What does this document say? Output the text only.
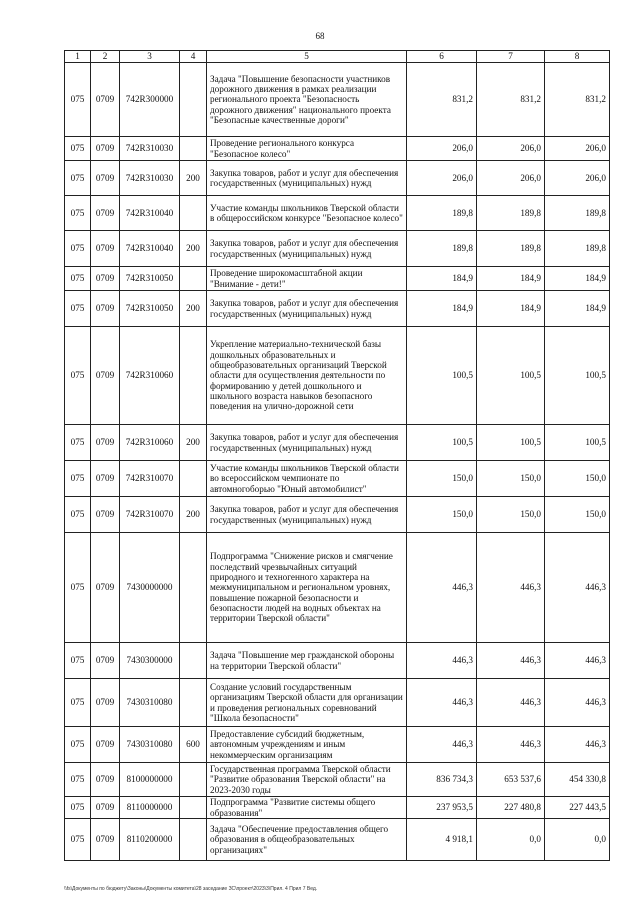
68
1	2	3	4	5	6	7	8
075	0709	742R300000		Задача "Повышение безопасности участников дорожного движения в рамках реализации регионального проекта "Безопасность дорожного движения" национального проекта "Безопасные качественные дороги"	831,2	831,2	831,2
075	0709	742R310030		Проведение регионального конкурса "Безопасное колесо"	206,0	206,0	206,0
075	0709	742R310030	200	Закупка товаров, работ и услуг для обеспечения государственных (муниципальных) нужд	206,0	206,0	206,0
075	0709	742R310040		Участие команды школьников Тверской области в общероссийском конкурсе "Безопасное колесо"	189,8	189,8	189,8
075	0709	742R310040	200	Закупка товаров, работ и услуг для обеспечения государственных (муниципальных) нужд	189,8	189,8	189,8
075	0709	742R310050		Проведение широкомасштабной акции "Внимание - дети!"	184,9	184,9	184,9
075	0709	742R310050	200	Закупка товаров, работ и услуг для обеспечения государственных (муниципальных) нужд	184,9	184,9	184,9
075	0709	742R310060		Укрепление материально-технической базы дошкольных образовательных и общеобразовательных организаций Тверской области для осуществления деятельности по формированию у детей дошкольного и школьного возраста навыков безопасного поведения на улично-дорожной сети	100,5	100,5	100,5
075	0709	742R310060	200	Закупка товаров, работ и услуг для обеспечения государственных (муниципальных) нужд	100,5	100,5	100,5
075	0709	742R310070		Участие команды школьников Тверской области во всероссийском чемпионате по автомногоборью "Юный автомобилист"	150,0	150,0	150,0
075	0709	742R310070	200	Закупка товаров, работ и услуг для обеспечения государственных (муниципальных) нужд	150,0	150,0	150,0
075	0709	7430000000		Подпрограмма "Снижение рисков и смягчение последствий чрезвычайных ситуаций природного и техногенного характера на межмуниципальном и региональном уровнях, повышение пожарной безопасности и безопасности людей на водных объектах на территории Тверской области"	446,3	446,3	446,3
075	0709	7430300000		Задача "Повышение мер гражданской обороны на территории Тверской области"	446,3	446,3	446,3
075	0709	7430310080		Создание условий государственным организациям Тверской области для организации и проведения региональных соревнований "Школа безопасности"	446,3	446,3	446,3
075	0709	7430310080	600	Предоставление субсидий бюджетным, автономным учреждениям и иным некоммерческим организациям	446,3	446,3	446,3
075	0709	8100000000		Государственная программа Тверской области "Развитие образования Тверской области" на 2023-2030 годы	836 734,3	653 537,6	454 330,8
075	0709	8110000000		Подпрограмма "Развитие системы общего образования"	237 953,5	227 480,8	227 443,5
075	0709	8110200000		Задача "Обеспечение предоставления общего образования в общеобразовательных организациях"	4 918,1	0,0	0,0
\\fs\Документы по бюджету\Законы\Документы комитета\28 заседание ЗС\проект\2023\3\Прил. 4 Прил 7 Вед.
